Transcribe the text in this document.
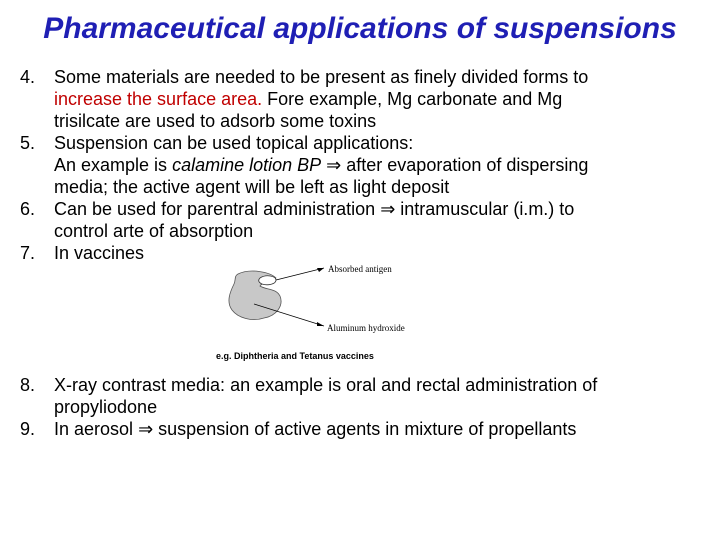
Pharmaceutical applications of suspensions
4.	Some materials are needed to be present as finely divided forms to
increase the surface area. Fore example, Mg carbonate and Mg
trisilcate are used to adsorb some toxins
5.	Suspension can be used topical applications:
An example is calamine lotion BP ⇒ after evaporation of dispersing
media; the active agent will be left as light deposit
6.	Can be used for parentral administration ⇒ intramuscular (i.m.) to
control arte of absorption
7.	In vaccines
Absorbed antigen
Aluminum hydroxide
e.g. Diphtheria and Tetanus vaccines
8.	X-ray contrast media: an example is oral and rectal administration of
propyliodone
9.	In aerosol ⇒ suspension of active agents in mixture of propellants
